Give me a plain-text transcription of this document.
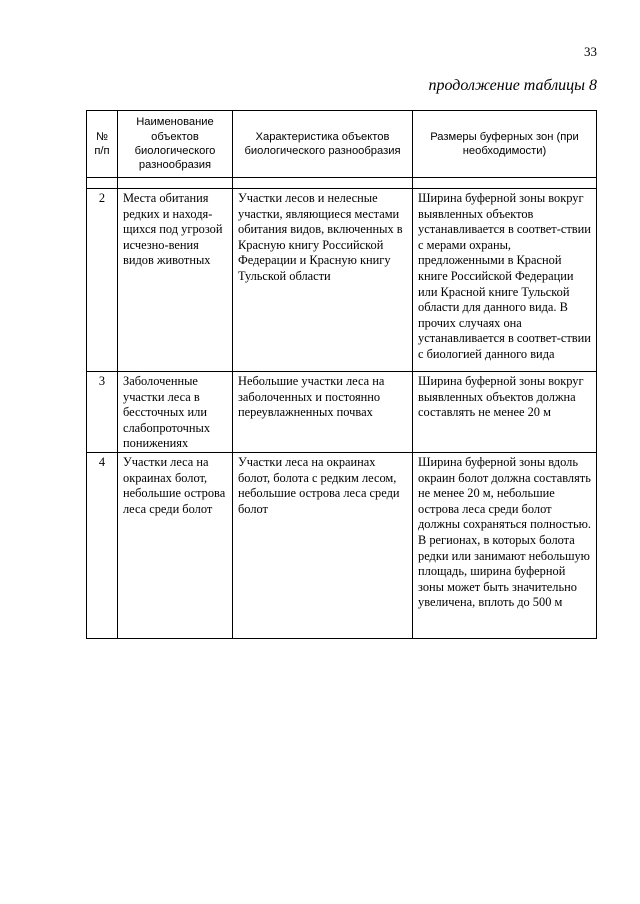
33
продолжение таблицы 8
№ п/п	Наименование объектов биологического разнообразия	Характеристика объектов биологического разнообразия	Размеры буферных зон (при необходимости)

2	Места обитания редких и находя-щихся под угрозой исчезно-вения видов животных	Участки лесов и нелесные участки, являющиеся местами обитания видов, включенных в Красную книгу Российской Федерации и Красную книгу Тульской области	Ширина буферной зоны вокруг выявленных объектов устанавливается в соответ-ствии с мерами охраны, предложенными в Красной книге Российской Федерации или Красной книге Тульской области для данного вида. В прочих случаях она устанавливается в соответ-ствии с биологией данного вида
3	Заболоченные участки леса в бессточных или слабопроточных понижениях	Небольшие участки леса на заболоченных и постоянно переувлажненных почвах	Ширина буферной зоны вокруг выявленных объектов должна составлять не менее 20 м
4	Участки леса на окраинах болот, небольшие острова леса среди болот	Участки леса на окраинах болот, болота с редким лесом, небольшие острова леса среди болот	Ширина буферной зоны вдоль окраин болот должна составлять не менее 20 м, небольшие острова леса среди болот должны сохраняться полностью. В регионах, в которых болота редки или занимают небольшую площадь, ширина буферной зоны может быть значительно увеличена, вплоть до 500 м
